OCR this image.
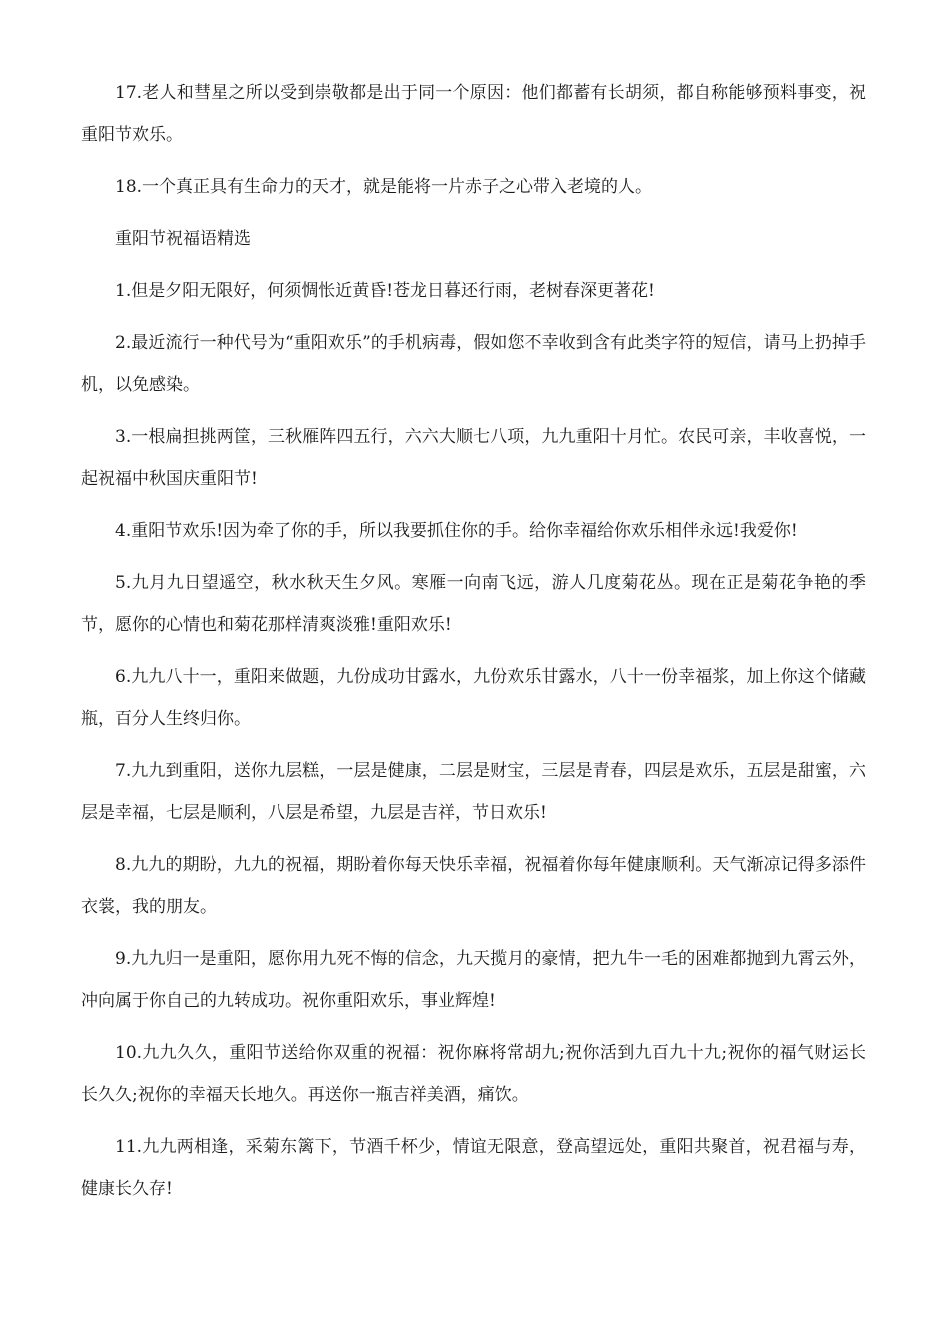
17.老人和彗星之所以受到崇敬都是出于同一个原因：他们都蓄有长胡须，都自称能够预料事变，祝重阳节欢乐。

18.一个真正具有生命力的天才，就是能将一片赤子之心带入老境的人。

重阳节祝福语精选

1.但是夕阳无限好，何须惆怅近黄昏!苍龙日暮还行雨，老树春深更著花!

2.最近流行一种代号为“重阳欢乐”的手机病毒，假如您不幸收到含有此类字符的短信，请马上扔掉手机，以免感染。

3.一根扁担挑两筐，三秋雁阵四五行，六六大顺七八项，九九重阳十月忙。农民可亲，丰收喜悦，一起祝福中秋国庆重阳节!

4.重阳节欢乐!因为牵了你的手，所以我要抓住你的手。给你幸福给你欢乐相伴永远!我爱你!

5.九月九日望遥空，秋水秋天生夕风。寒雁一向南飞远，游人几度菊花丛。现在正是菊花争艳的季节，愿你的心情也和菊花那样清爽淡雅!重阳欢乐!

6.九九八十一，重阳来做题，九份成功甘露水，九份欢乐甘露水，八十一份幸福浆，加上你这个储藏瓶，百分人生终归你。

7.九九到重阳，送你九层糕，一层是健康，二层是财宝，三层是青春，四层是欢乐，五层是甜蜜，六层是幸福，七层是顺利，八层是希望，九层是吉祥，节日欢乐!

8.九九的期盼，九九的祝福，期盼着你每天快乐幸福，祝福着你每年健康顺利。天气渐凉记得多添件衣裳，我的朋友。

9.九九归一是重阳，愿你用九死不悔的信念，九天揽月的豪情，把九牛一毛的困难都抛到九霄云外，冲向属于你自己的九转成功。祝你重阳欢乐，事业辉煌!

10.九九久久，重阳节送给你双重的祝福：祝你麻将常胡九;祝你活到九百九十九;祝你的福气财运长长久久;祝你的幸福天长地久。再送你一瓶吉祥美酒，痛饮。

11.九九两相逢，采菊东篱下，节酒千杯少，情谊无限意，登高望远处，重阳共聚首，祝君福与寿，健康长久存!
